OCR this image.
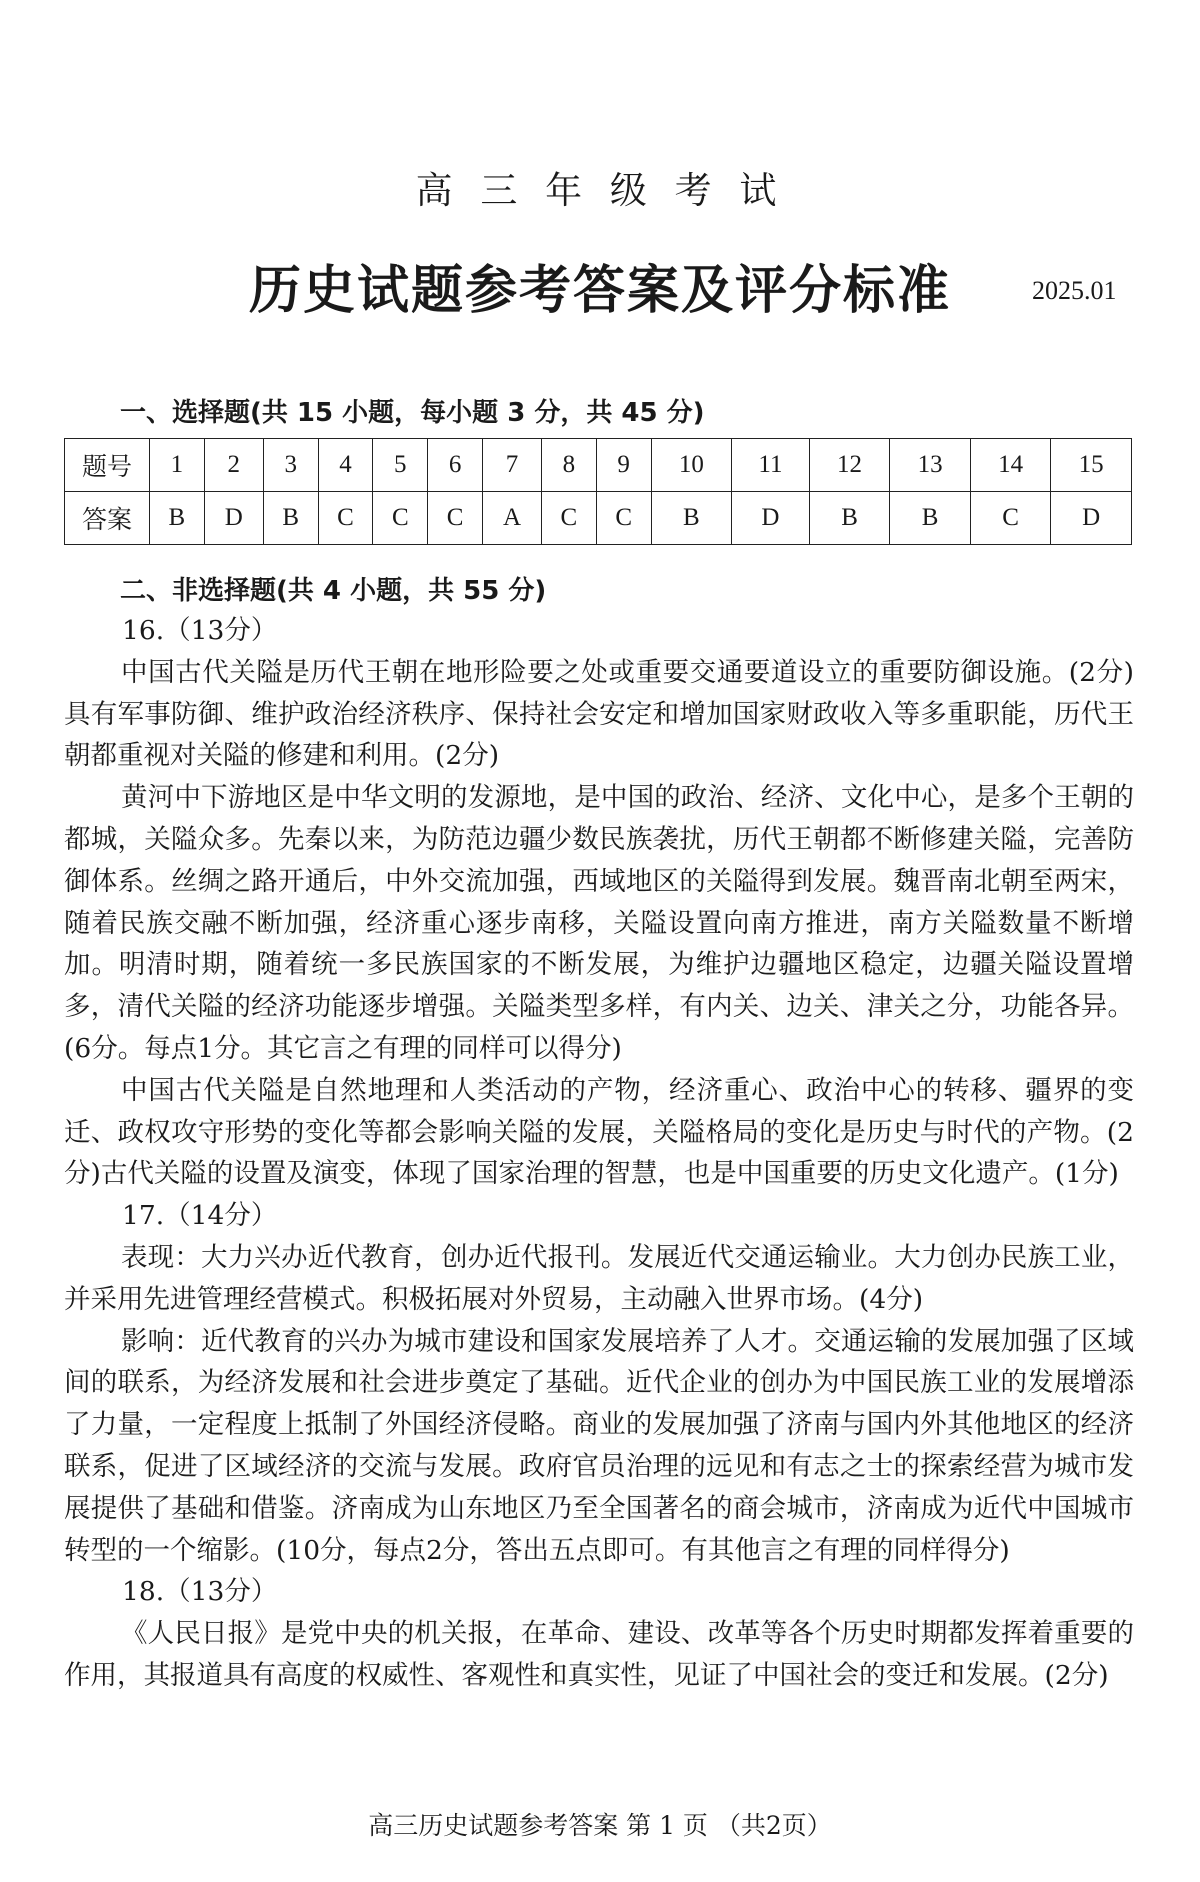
高 三 年 级 考 试
历史试题参考答案及评分标准	2025.01
一、选择题(共 15 小题，每小题 3 分，共 45 分)
题号	1	2	3	4	5	6	7	8	9	10	11	12	13	14	15
答案	B	D	B	C	C	C	A	C	C	B	D	B	B	C	D
二、非选择题(共 4 小题，共 55 分)

16.（13分）

中国古代关隘是历代王朝在地形险要之处或重要交通要道设立的重要防御设施。(2分)具有军事防御、维护政治经济秩序、保持社会安定和增加国家财政收入等多重职能，历代王朝都重视对关隘的修建和利用。(2分)

黄河中下游地区是中华文明的发源地，是中国的政治、经济、文化中心，是多个王朝的都城，关隘众多。先秦以来，为防范边疆少数民族袭扰，历代王朝都不断修建关隘，完善防御体系。丝绸之路开通后，中外交流加强，西域地区的关隘得到发展。魏晋南北朝至两宋，随着民族交融不断加强，经济重心逐步南移，关隘设置向南方推进，南方关隘数量不断增加。明清时期，随着统一多民族国家的不断发展，为维护边疆地区稳定，边疆关隘设置增多，清代关隘的经济功能逐步增强。关隘类型多样，有内关、边关、津关之分，功能各异。(6分。每点1分。其它言之有理的同样可以得分)

中国古代关隘是自然地理和人类活动的产物，经济重心、政治中心的转移、疆界的变迁、政权攻守形势的变化等都会影响关隘的发展，关隘格局的变化是历史与时代的产物。(2分)古代关隘的设置及演变，体现了国家治理的智慧，也是中国重要的历史文化遗产。(1分)

17.（14分）

表现：大力兴办近代教育，创办近代报刊。发展近代交通运输业。大力创办民族工业，并采用先进管理经营模式。积极拓展对外贸易，主动融入世界市场。(4分)

影响：近代教育的兴办为城市建设和国家发展培养了人才。交通运输的发展加强了区域间的联系，为经济发展和社会进步奠定了基础。近代企业的创办为中国民族工业的发展增添了力量，一定程度上抵制了外国经济侵略。商业的发展加强了济南与国内外其他地区的经济联系，促进了区域经济的交流与发展。政府官员治理的远见和有志之士的探索经营为城市发展提供了基础和借鉴。济南成为山东地区乃至全国著名的商会城市，济南成为近代中国城市转型的一个缩影。(10分，每点2分，答出五点即可。有其他言之有理的同样得分)

18.（13分）

《人民日报》是党中央的机关报，在革命、建设、改革等各个历史时期都发挥着重要的作用，其报道具有高度的权威性、客观性和真实性，见证了中国社会的变迁和发展。(2分)

高三历史试题参考答案 第 1 页 （共2页）
